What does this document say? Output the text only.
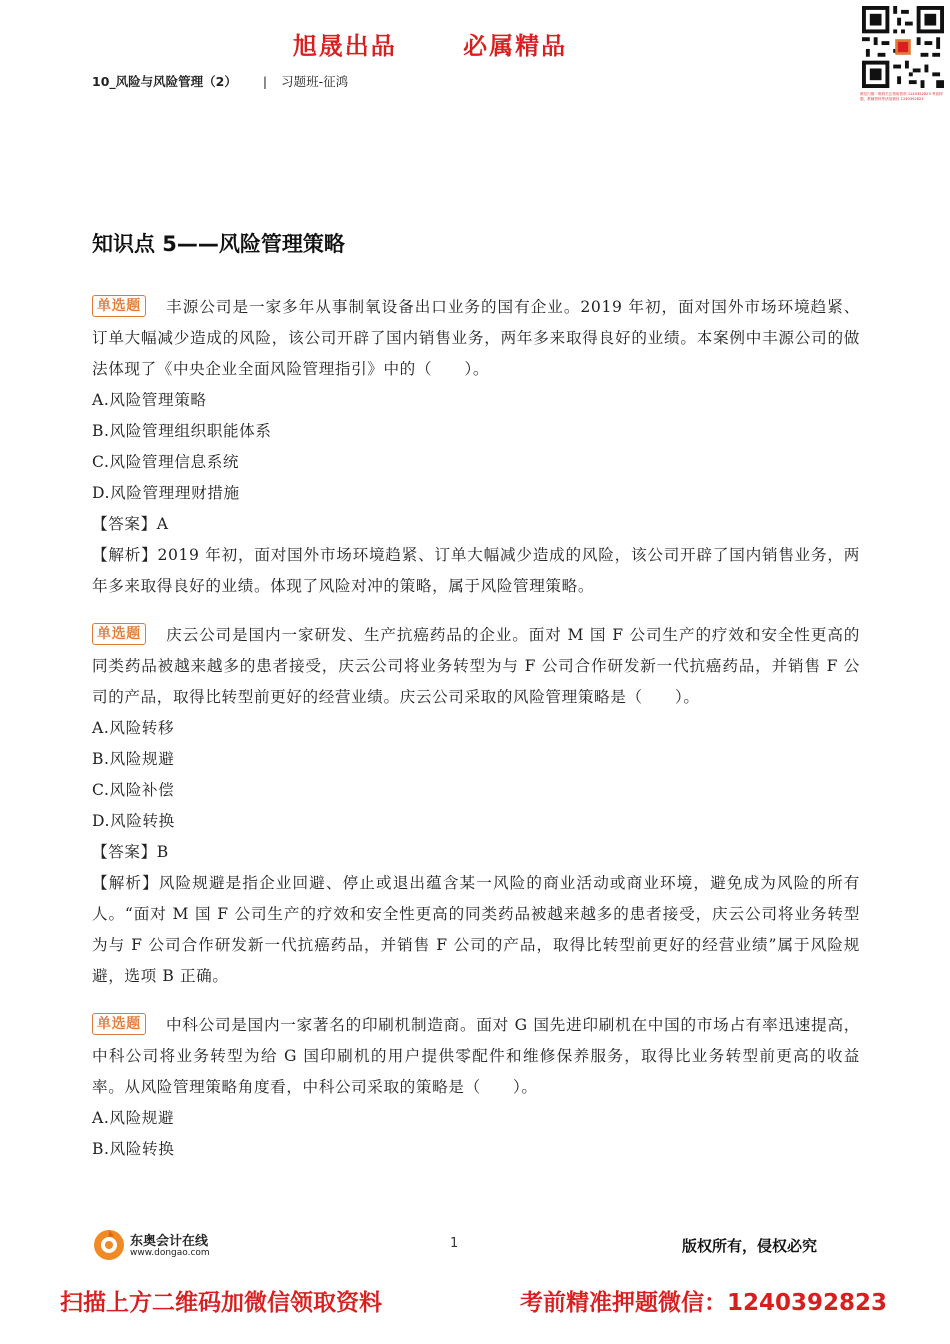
旭晟出品	必属精品
微信扫描二维码关注领取资料 1240392823 考前押题、教辅资料等请加微信 1240392823
10_风险与风险管理（2） | 习题班-征鸿
知识点 5——风险管理策略
单选题 丰源公司是一家多年从事制氧设备出口业务的国有企业。2019 年初，面对国外市场环境趋紧、订单大幅减少造成的风险，该公司开辟了国内销售业务，两年多来取得良好的业绩。本案例中丰源公司的做法体现了《中央企业全面风险管理指引》中的（　　）。
A.风险管理策略
B.风险管理组织职能体系
C.风险管理信息系统
D.风险管理理财措施
【答案】A
【解析】2019 年初，面对国外市场环境趋紧、订单大幅减少造成的风险，该公司开辟了国内销售业务，两年多来取得良好的业绩。体现了风险对冲的策略，属于风险管理策略。
单选题 庆云公司是国内一家研发、生产抗癌药品的企业。面对 M 国 F 公司生产的疗效和安全性更高的同类药品被越来越多的患者接受，庆云公司将业务转型为与 F 公司合作研发新一代抗癌药品，并销售 F 公司的产品，取得比转型前更好的经营业绩。庆云公司采取的风险管理策略是（　　）。
A.风险转移
B.风险规避
C.风险补偿
D.风险转换
【答案】B
【解析】风险规避是指企业回避、停止或退出蕴含某一风险的商业活动或商业环境，避免成为风险的所有人。“面对 M 国 F 公司生产的疗效和安全性更高的同类药品被越来越多的患者接受，庆云公司将业务转型为与 F 公司合作研发新一代抗癌药品，并销售 F 公司的产品，取得比转型前更好的经营业绩”属于风险规避，选项 B 正确。
单选题 中科公司是国内一家著名的印刷机制造商。面对 G 国先进印刷机在中国的市场占有率迅速提高，中科公司将业务转型为给 G 国印刷机的用户提供零配件和维修保养服务，取得比业务转型前更高的收益率。从风险管理策略角度看，中科公司采取的策略是（　　）。
A.风险规避
B.风险转换
东奥会计在线
www.dongao.com
1	版权所有，侵权必究
扫描上方二维码加微信领取资料	考前精准押题微信：1240392823
